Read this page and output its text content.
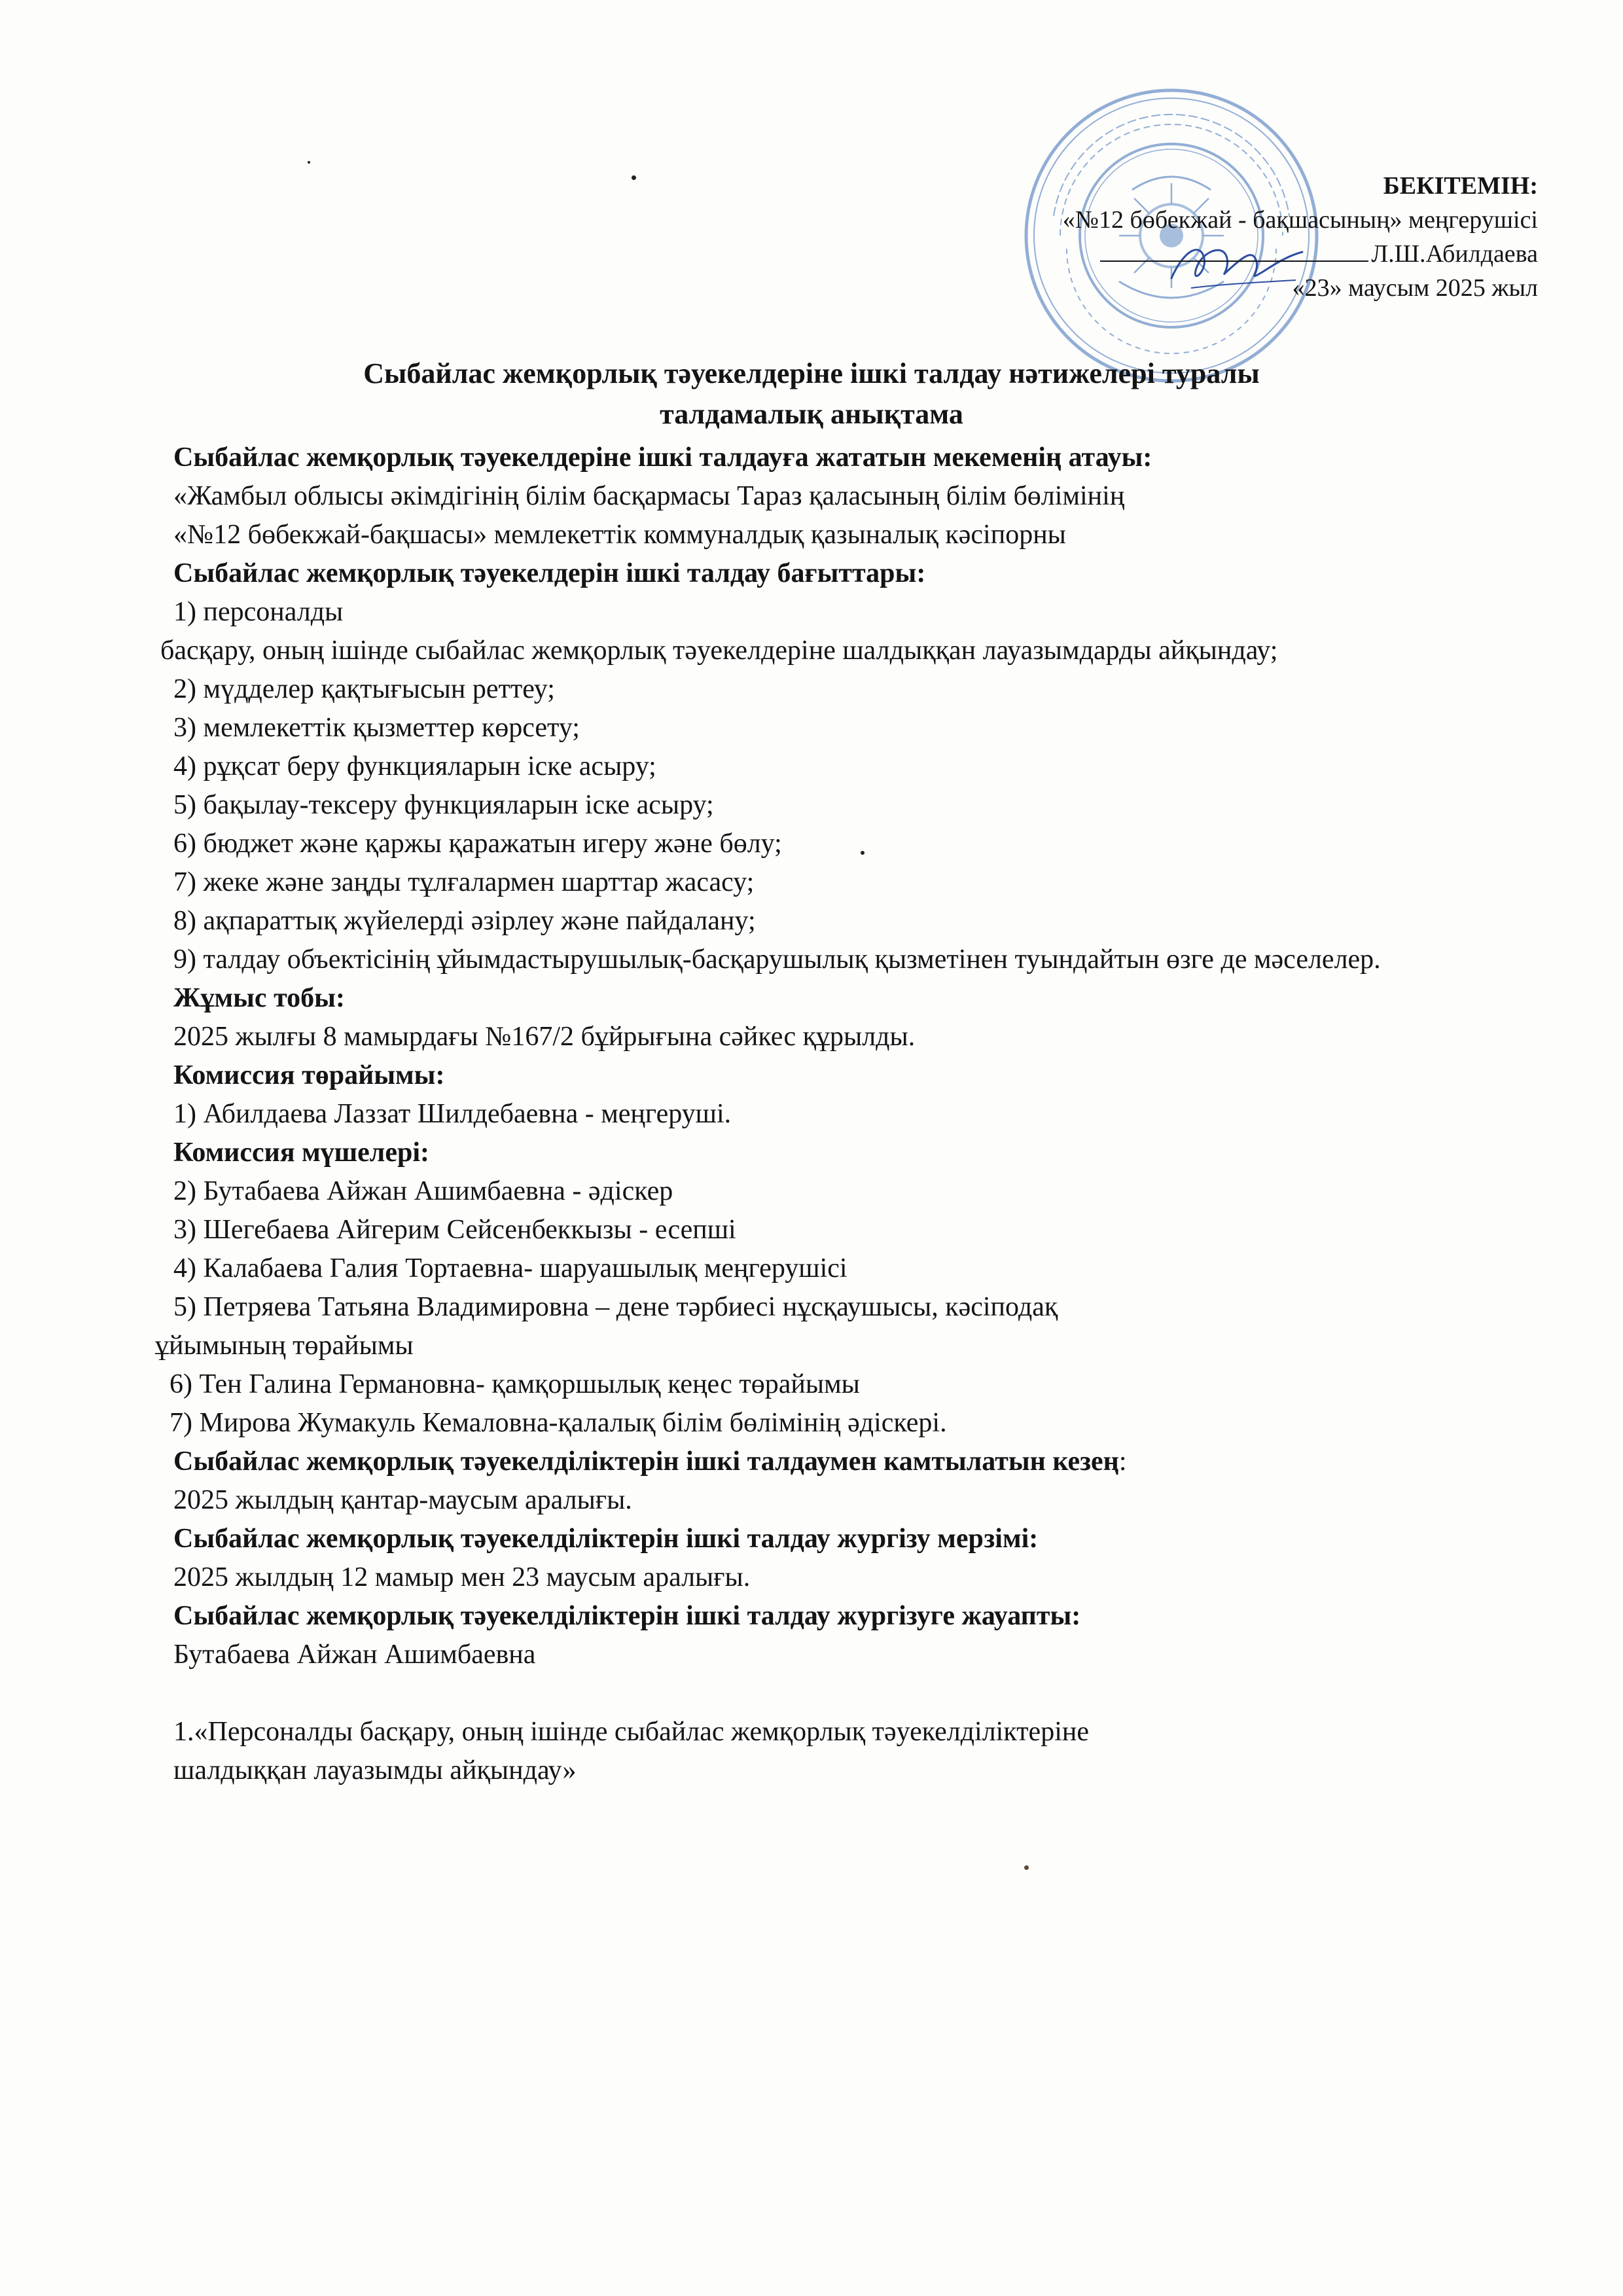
БЕКІТЕМІН:
«№12 бөбекжай - бақшасының» меңгерушісі
Л.Ш.Абилдаева
«23» маусым 2025 жыл
Сыбайлас жемқорлық тәуекелдеріне ішкі талдау нәтижелері туралы
талдамалық анықтама

Сыбайлас жемқорлық тәуекелдеріне ішкі талдауға жататын мекеменің атауы:

«Жамбыл облысы әкімдігінің білім басқармасы Тараз қаласының білім бөлімінің

«№12 бөбекжай-бақшасы» мемлекеттік коммуналдық қазыналық кәсіпорны

Сыбайлас жемқорлық тәуекелдерін ішкі талдау бағыттары:

1) персоналды

басқару, оның ішінде сыбайлас жемқорлық тәуекелдеріне шалдыққан лауазымдарды айқындау;

2) мүдделер қақтығысын реттеу;

3) мемлекеттік қызметтер көрсету;

4) рұқсат беру функцияларын іске асыру;

5) бақылау-тексеру функцияларын іске асыру;

6) бюджет және қаржы қаражатын игеру және бөлу;

7) жеке және заңды тұлғалармен шарттар жасасу;

8) ақпараттық жүйелерді әзірлеу және пайдалану;

9) талдау объектісінің ұйымдастырушылық-басқарушылық қызметінен туындайтын өзге де мәселелер.

Жұмыс тобы:

2025 жылғы 8 мамырдағы №167/2 бұйрығына сәйкес құрылды.

Комиссия төрайымы:

1) Абилдаева Лаззат Шилдебаевна - меңгеруші.

Комиссия мүшелері:

2) Бутабаева Айжан Ашимбаевна - әдіскер

3) Шегебаева Айгерим Сейсенбеккызы - есепші

4) Калабаева Галия Тортаевна- шаруашылық меңгерушісі

5) Петряева Татьяна Владимировна – дене тәрбиесі нұсқаушысы, кәсіподақ

ұйымының төрайымы

6) Тен Галина Германовна- қамқоршылық кеңес төрайымы

7) Мирова Жумакуль Кемаловна-қалалық білім бөлімінің әдіскері.

Сыбайлас жемқорлық тәуекелділіктерін ішкі талдаумен камтылатын кезең:

2025 жылдың қантар-маусым аралығы.

Сыбайлас жемқорлық тәуекелділіктерін ішкі талдау жургізу мерзімі:

2025 жылдың 12 мамыр мен 23 маусым аралығы.

Сыбайлас жемқорлық тәуекелділіктерін ішкі талдау жургізуге жауапты:

Бутабаева Айжан Ашимбаевна

1.«Персоналды басқару, оның ішінде сыбайлас жемқорлық тәуекелділіктеріне

шалдыққан лауазымды айқындау»
